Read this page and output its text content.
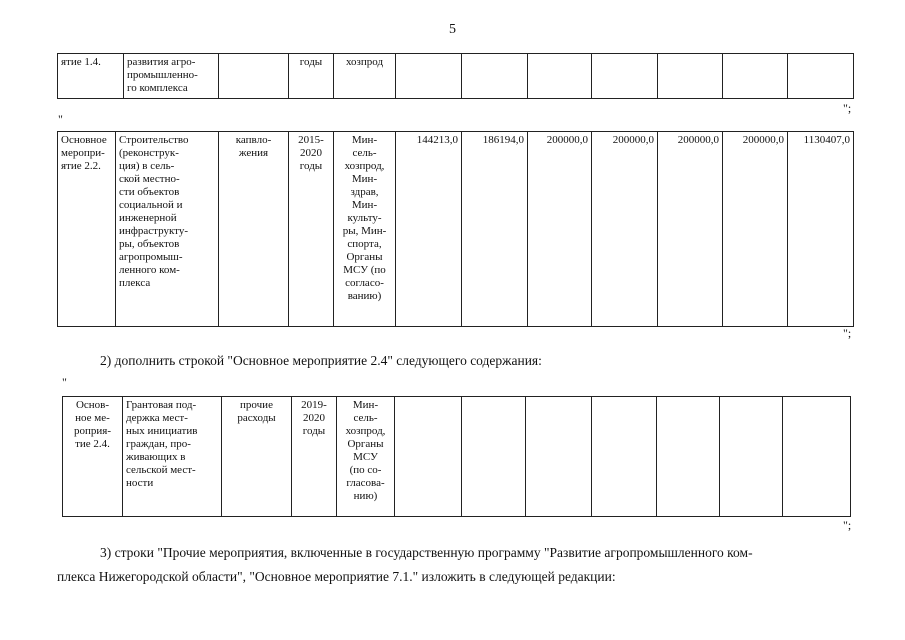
5
ятие 1.4.	развития агро-
промышленно-
го комплекса		годы	хозпрод							
";
"
Основное
меропри-
ятие 2.2.	Строительство
(реконструк-
ция) в сель-
ской местно-
сти объектов
социальной и
инженерной
инфраструкту-
ры, объектов
агропромыш-
ленного ком-
плекса	капвло-
жения	2015-
2020
годы	Мин-
сель-
хозпрод,
Мин-
здрав,
Мин-
культу-
ры, Мин-
спорта,
Органы
МСУ (по
согласо-
ванию)	144213,0	186194,0	200000,0	200000,0	200000,0	200000,0	1130407,0
";
2) дополнить строкой "Основное мероприятие 2.4" следующего содержания:
"
Основ-
ное ме-
роприя-
тие 2.4.	Грантовая под-
держка мест-
ных инициатив
граждан, про-
живающих в
сельской мест-
ности	прочие
расходы	2019-
2020
годы	Мин-
сель-
хозпрод,
Органы
МСУ
(по со-
гласова-
нию)							
";
3) строки "Прочие мероприятия, включенные в государственную программу "Развитие агропромышленного ком-
плекса Нижегородской области", "Основное мероприятие 7.1." изложить в следующей редакции:
